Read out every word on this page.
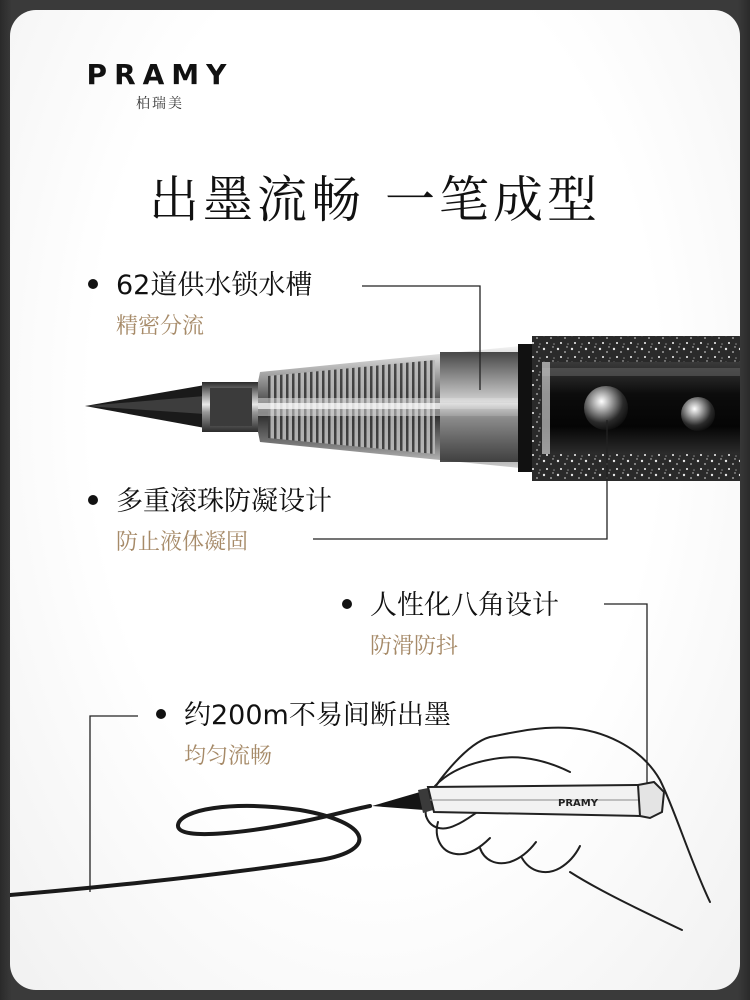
PRAMY
PRAMY
柏瑞美
出墨流畅 一笔成型
62道供水锁水槽
精密分流
多重滚珠防凝设计
防止液体凝固
人性化八角设计
防滑防抖
约200m不易间断出墨
均匀流畅
